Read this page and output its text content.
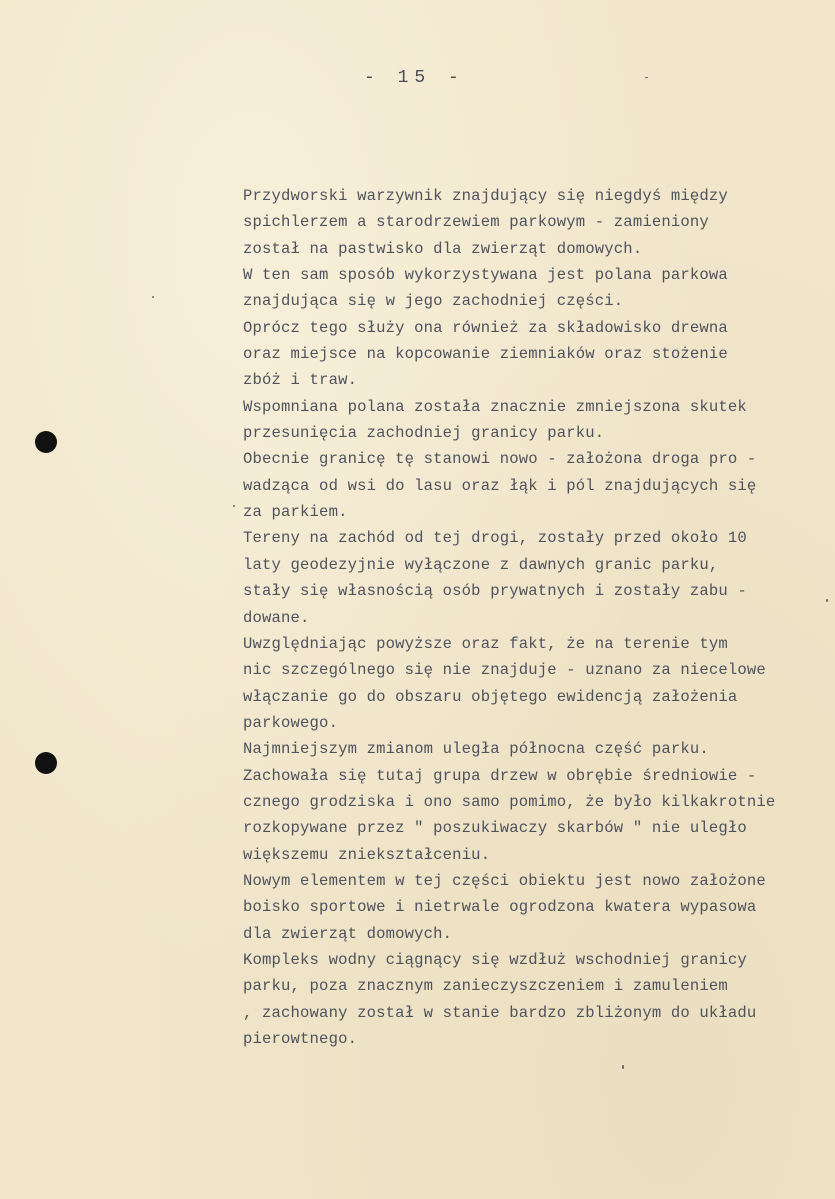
- 15 -
Przydworski warzywnik znajdujący się niegdyś między
spichlerzem a starodrzewiem parkowym - zamieniony
został na pastwisko dla zwierząt domowych.
W ten sam sposób wykorzystywana jest polana parkowa
znajdująca się w jego zachodniej części.
Oprócz tego służy ona również za składowisko drewna
oraz miejsce na kopcowanie ziemniaków oraz stożenie
zbóż i traw.
Wspomniana polana została znacznie zmniejszona skutek
przesunięcia zachodniej granicy parku.
Obecnie granicę tę stanowi nowo - założona droga pro -
wadząca od wsi do lasu oraz łąk i pól znajdujących się
za parkiem.
Tereny na zachód od tej drogi, zostały przed około 10
laty geodezyjnie wyłączone z dawnych granic parku,
stały się własnością osób prywatnych i zostały zabu -
dowane.
Uwzględniając powyższe oraz fakt, że na terenie tym
nic szczególnego się nie znajduje - uznano za niecelowe
włączanie go do obszaru objętego ewidencją założenia
parkowego.
Najmniejszym zmianom uległa północna część parku.
Zachowała się tutaj grupa drzew w obrębie średniowie -
cznego grodziska i ono samo pomimo, że było kilkakrotnie
rozkopywane przez " poszukiwaczy skarbów " nie uległo
większemu zniekształceniu.
Nowym elementem w tej części obiektu jest nowo założone
boisko sportowe i nietrwale ogrodzona kwatera wypasowa
dla zwierząt domowych.
Kompleks wodny ciągnący się wzdłuż wschodniej granicy
parku, poza znacznym zanieczyszczeniem i zamuleniem
, zachowany został w stanie bardzo zbliżonym do układu
pierowtnego.
